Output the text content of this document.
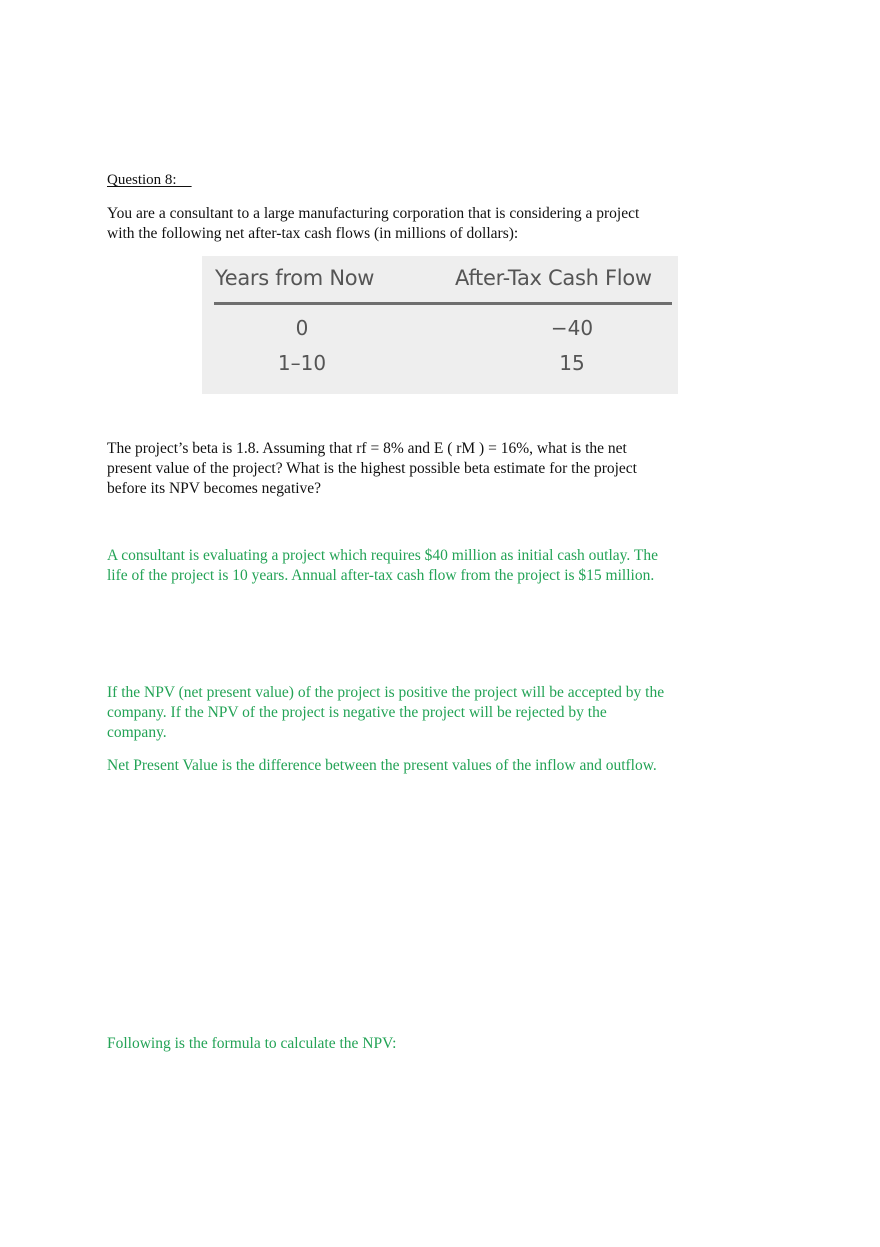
Question 8:
You are a consultant to a large manufacturing corporation that is considering a project with the following net after-tax cash flows (in millions of dollars):
Years from Now	After-Tax Cash Flow
0	−40
1–10	15
The project’s beta is 1.8. Assuming that rf = 8% and E ( rM ) = 16%, what is the net present value of the project? What is the highest possible beta estimate for the project before its NPV becomes negative?
A consultant is evaluating a project which requires $40 million as initial cash outlay. The life of the project is 10 years. Annual after-tax cash flow from the project is $15 million.
If the NPV (net present value) of the project is positive the project will be accepted by the company. If the NPV of the project is negative the project will be rejected by the company.
Net Present Value is the difference between the present values of the inflow and outflow.
Following is the formula to calculate the NPV:
